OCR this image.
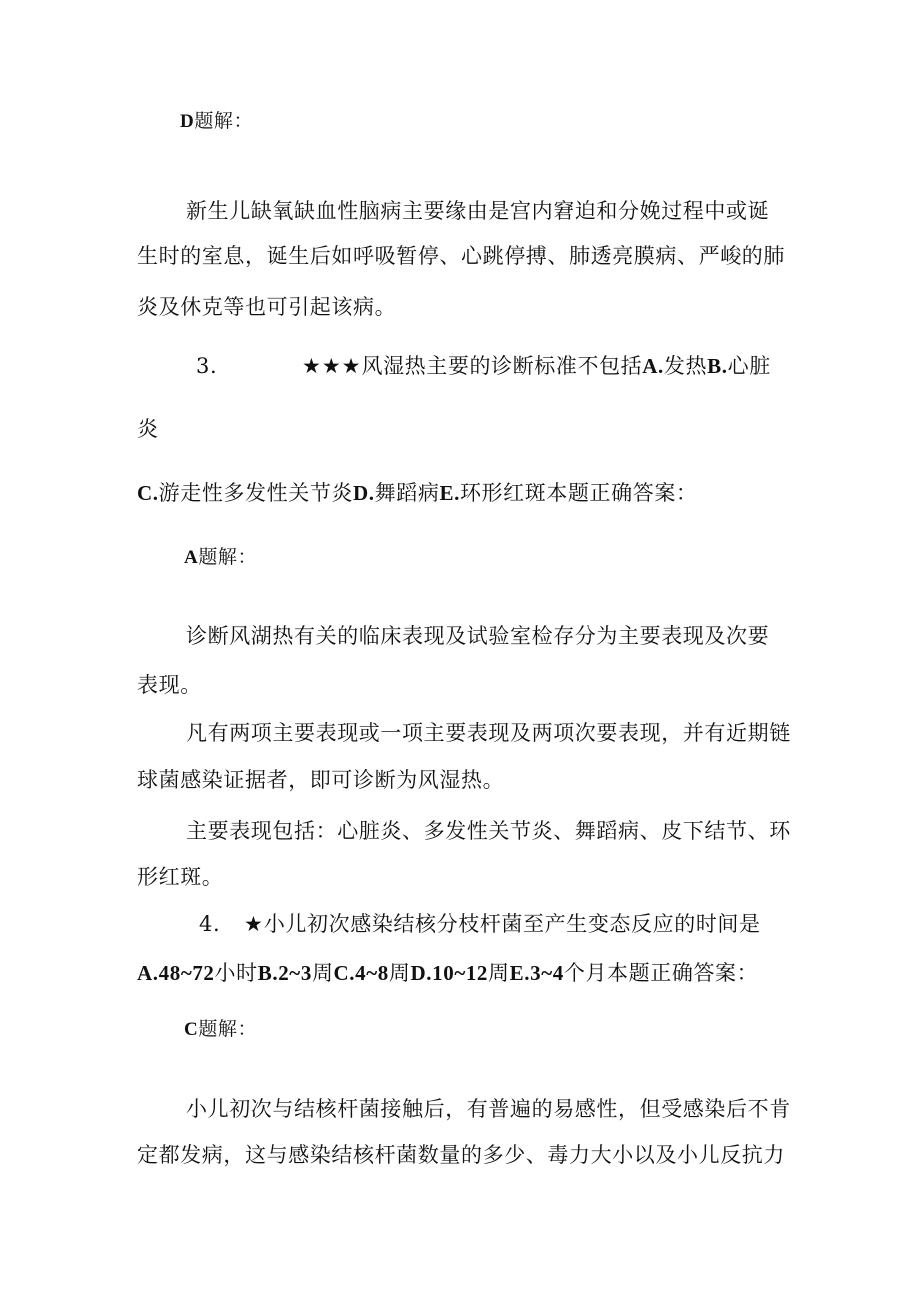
D题解：
新生儿缺氧缺血性脑病主要缘由是宫内窘迫和分娩过程中或诞
生时的室息，诞生后如呼吸暂停、心跳停搏、肺透亮膜病、严峻的肺
炎及休克等也可引起该病。
3.	★★★风湿热主要的诊断标准不包括A.发热B.心脏
炎
C.游走性多发性关节炎D.舞蹈病E.环形红斑本题正确答案：
A题解：
诊断风湖热有关的临床表现及试验室检存分为主要表现及次要
表现。
凡有两项主要表现或一项主要表现及两项次要表现，并有近期链
球菌感染证据者，即可诊断为风湿热。
主要表现包括：心脏炎、多发性关节炎、舞蹈病、皮下结节、环
形红斑。
4. ★小儿初次感染结核分枝杆菌至产生变态反应的时间是
A.48~72小时B.2~3周C.4~8周D.10~12周E.3~4个月本题正确答案：
C题解：
小儿初次与结核杆菌接触后，有普遍的易感性，但受感染后不肯
定都发病，这与感染结核杆菌数量的多少、毒力大小以及小儿反抗力
